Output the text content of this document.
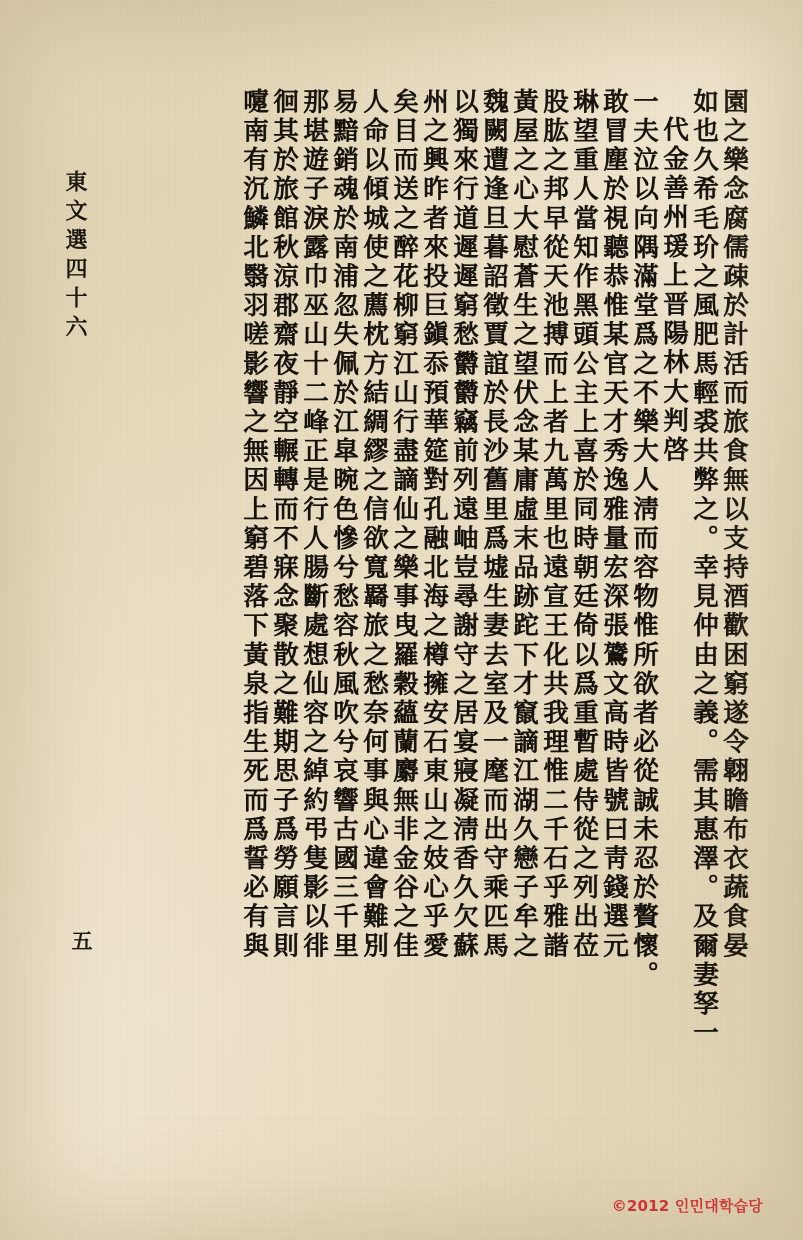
園之樂念腐儒疎於計活而旅食無以支持酒歡困窮遂令翺瞻布衣蔬食晏
如也久希毛玠之風肥馬輕裘共弊之。幸見仲由之義。需其惠澤。及爾妻孥一
代金善州瑗上晋陽林大判啓
一夫泣以向隅滿堂爲之不樂大人淸而容物惟所欲者必從誠未忍於贅懷。
敢冒塵於視聽恭惟某官天才秀逸雅量宏深張鷟文高時皆號曰靑錢選元
琳望重人當知作黑頭公主上喜於同時朝廷倚以爲重暫處侍從之列出莅
股肱之邦早從天池搏而上者九萬里也遠宣王化共我理惟二千石乎雅諧
黃屋之心大慰蒼生之望伏念某庸虛末品跡跎下才竄謫江湖久戀子牟之
魏闕遭逢旦暮詔徵賈誼於長沙舊里爲墟生妻去室及一麾而出守乘匹馬
以獨來行道遲遲窮愁欝欝竊前列遠岫豈尋謝守之居宴寢凝淸香久欠蘇
州之興昨者來投巨鎭忝預華筵對孔融北海之樽擁安石東山之妓心乎愛
矣目而送之醉花柳窮江山行盡謫仙之樂事曳羅穀蘊蘭麝無非金谷之佳
人命以傾城使之薦枕方結綢繆之信欲寬羇旅之愁奈何事與心違會難別
易黯銷魂於南浦忽失佩於江皐晼色慘兮愁容秋風吹兮哀響古國三千里
那堪遊子淚露巾巫山十二峰正是行人腸斷處想仙容之綽約弔隻影以徘
徊其於旅館秋涼郡齋夜靜空輾轉而不寐念聚散之難期思子爲勞願言則
嚔南有沉鱗北翳羽嗟影響之無因上窮碧落下黃泉指生死而爲誓必有與
東文選四十六
五
©2012 인민대학습당
